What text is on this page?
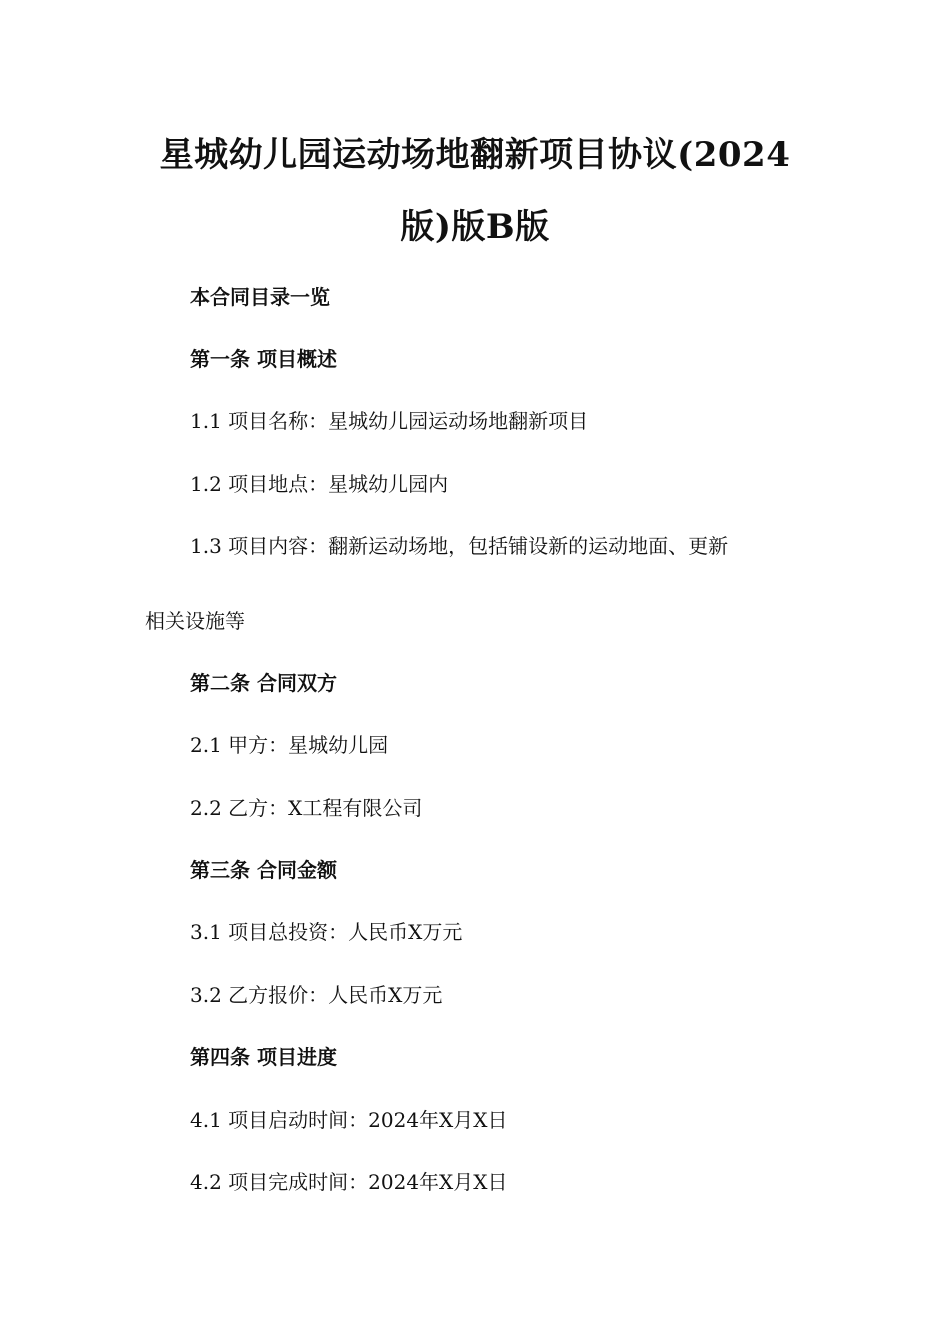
星城幼儿园运动场地翻新项目协议(2024
版)版B版
本合同目录一览
第一条 项目概述
1.1 项目名称：星城幼儿园运动场地翻新项目
1.2 项目地点：星城幼儿园内
1.3 项目内容：翻新运动场地，包括铺设新的运动地面、更新
相关设施等
第二条 合同双方
2.1 甲方：星城幼儿园
2.2 乙方：X工程有限公司
第三条 合同金额
3.1 项目总投资：人民币X万元
3.2 乙方报价：人民币X万元
第四条 项目进度
4.1 项目启动时间：2024年X月X日
4.2 项目完成时间：2024年X月X日
